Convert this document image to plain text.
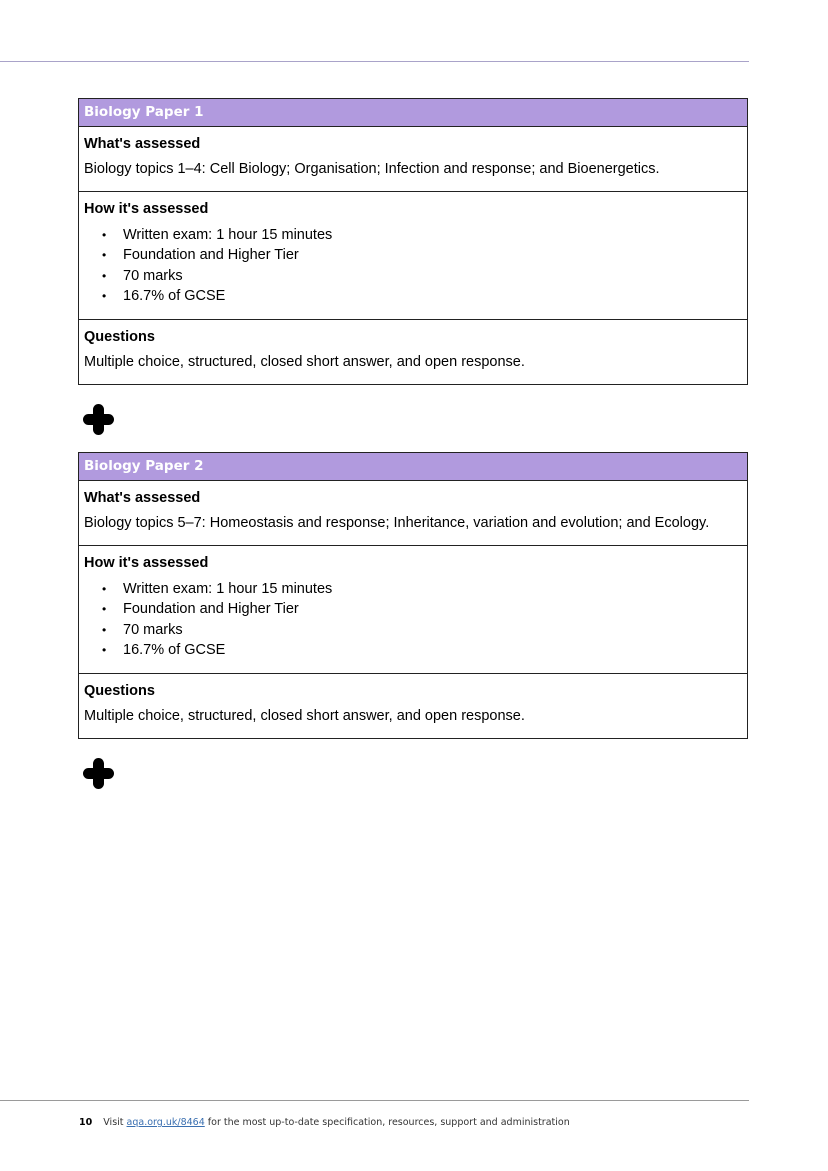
Biology Paper 1
What's assessed

Biology topics 1–4: Cell Biology; Organisation; Infection and response; and Bioenergetics.

How it's assessed
• Written exam: 1 hour 15 minutes
• Foundation and Higher Tier
• 70 marks
• 16.7% of GCSE
Questions

Multiple choice, structured, closed short answer, and open response.

Biology Paper 2
What's assessed

Biology topics 5–7: Homeostasis and response; Inheritance, variation and evolution; and Ecology.

How it's assessed
• Written exam: 1 hour 15 minutes
• Foundation and Higher Tier
• 70 marks
• 16.7% of GCSE
Questions

Multiple choice, structured, closed short answer, and open response.

10 Visit aqa.org.uk/8464 for the most up-to-date specification, resources, support and administration
